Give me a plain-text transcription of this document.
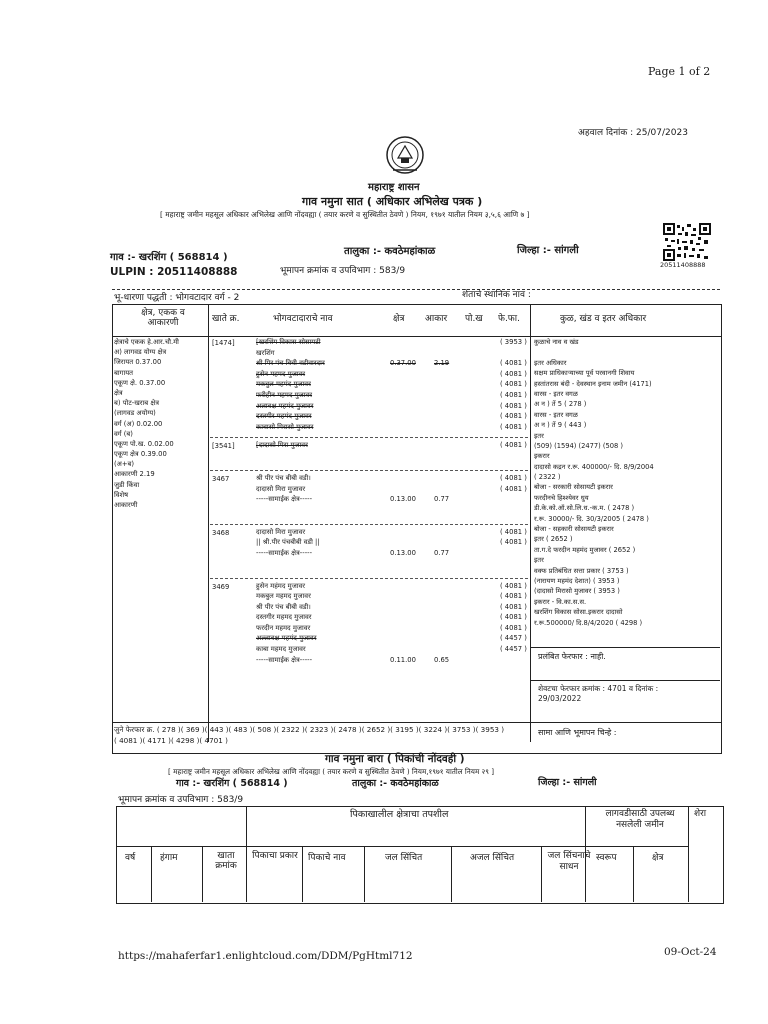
Page 1 of 2
अहवाल दिनांक : 25/07/2023
महाराष्ट्र शासन
गाव नमुना सात ( अधिकार अभिलेख पत्रक )
[ महाराष्ट्र जमीन महसूल अधिकार अभिलेख आणि नोंदवह्या ( तयार करणे व सुस्थितीत ठेवणे ) नियम, १९७१ यातील नियम ३,५,६ आणि ७ ]
20511408888
गाव :- खरशिंग ( 568814 )
तालुका :- कवठेमहांकाळ	जिल्हा :- सांगली
ULPIN : 20511408888	भूमापन क्रमांक व उपविभाग : 583/9
भू-धारणा पद्धती : भोगवटादार वर्ग - 2	शेताचे स्थानिक नाव :
क्षेत्र, एकक व आकारणी	खाते क्र.	भोगवटादाराचे नाव	क्षेत्र आकार पो.ख फे.फा.	कुळ, खंड व इतर अधिकार
क्षेत्राचे एकक हे.आर.चौ.मी
अ) लागवड योग्य क्षेत्र
जिरायत 0.37.00
बागायत
एकूण क्षे. 0.37.00
क्षेत्र
ब) पोट-खराब क्षेत्र
(लागवड अयोग्य)
वर्ग (अ) 0.02.00
वर्ग (ब)
एकूण पो.ख. 0.02.00
एकूण क्षेत्र 0.39.00
(अ+ब)
आकारणी 2.19
जुडी किंवा
विशेष
आकारणी
[1474]	[खरशिंग विकास सोसायटी	( 3953 )
खरशिंग
श्री पिर पंच बिबी वडीवारदार	0.37.00	2.19	( 4081 )
हुसेन महमद मुजावर	( 4081 )
मकबुल महमंद मुजावर	( 4081 )
फरीहीन महमद मुजावर	( 4081 )
अलाबक्ष महमंद मुजावर	( 4081 )
दस्तगीर महमंद मुजावर	( 4081 )
काबासो मिरासो मुजावर	( 4081 )
[3541]	[दादासो मिरा मुजावर	( 4081 )
3467	श्री पीर पंच बीबी वडी।	( 4081 )
दादासो मिरा मुजावर	( 4081 )
-----सामाईक क्षेत्र-----	0.13.00	0.77
3468	दादासो मिरा मुजावर	( 4081 )
|| श्री.पीर पंचबीबी वडी ||	( 4081 )
-----सामाईक क्षेत्र-----	0.13.00	0.77
3469	हुसेन महंमद मुजावर	( 4081 )
मकबुल महमद मुजावर	( 4081 )
श्री पीर पंच बीबी वडी।	( 4081 )
दस्तगीर महमद मुजावर	( 4081 )
फरदीन महमद मुजावर	( 4081 )
अल्लाबक्ष महमंद मुजावर	( 4457 )
काबा महमद मुजावर	( 4457 )
-----सामाईक क्षेत्र-----	0.11.00	0.65
कुळाचे नाव व खंड
इतर अधिकार
सक्षम प्राधिकाऱ्याच्या पूर्व परवानगी शिवाय
हस्तांतरास बंदी - देवस्थान इनाम जमीन (4171)
वारस - इतर वगळ
अ न ) तें 5 ( 278 )
वारस - इतर वगळ
अ न ) तें 9 ( 443 )
इतर
(509) (1594) (2477) (508 )
इकरार
दादासो कद्रन र.रू. 400000/- दि. 8/9/2004
( 2322 )
बोजा - सरकारी सोसायटी इकरार
फरदीनचे हिश्श्येवर धुय
डी.के.को.ऑ.सो.लि.ध.-क.म. ( 2478 )
र.रू. 30000/- दि. 30/3/2005 ( 2478 )
बोजा - सहकारी सोसायटी इकरार
इतर ( 2652 )
ता.ग.दे फरदीन महमंद मुजावर ( 2652 )
इतर
वक्फ प्रतिबंधित सत्ता प्रकार ( 3753 )
(नारायण महमंद देशात) ( 3953 )
(दादासो मिरासो मुजावर ( 3953 )
इकरार - वि.का.स.स.
खरशिंग विकास सोसा.इकरार दादासो
र.रू.500000/ दि.8/4/2020 ( 4298 )
प्रलंबित फेरफार : नाही.
शेवटचा फेरफार क्रमांक : 4701 व दिनांक :
29/03/2022
जुने फेरफार क्र. ( 278 )( 369 )( 443 )( 483 )( 508 )( 2322 )( 2323 )( 2478 )( 2652 )( 3195 )( 3224 )( 3753 )( 3953 )
( 4081 )( 4171 )( 4298 )( 4701 )
सामा आणि भूमापन चिन्हे :
गाव नमुना बारा ( पिकांची नोंदवही )
[ महाराष्ट्र जमीन महसूल अधिकार अभिलेख आणि नोंदवह्या ( तयार करणे व सुस्थितीत ठेवणे ) नियम,१९७१ यातील नियम २९ ]
गाव :- खरशिंग ( 568814 )	तालुका :- कवठेमहांकाळ	जिल्हा :- सांगली
भूमापन क्रमांक व उपविभाग : 583/9
पिकाखालील क्षेत्राचा तपशील	लागवडीसाठी उपलब्ध नसलेली जमीन
शेरा
वर्ष	हंगाम	खाता क्रमांक
पिकाचा प्रकार पिकाचे नाव	जल सिंचित	अजल सिंचित	जल सिंचनाचे साधन
स्वरूप	क्षेत्र
https://mahaferfar1.enlightcloud.com/DDM/PgHtml712	09-Oct-24
